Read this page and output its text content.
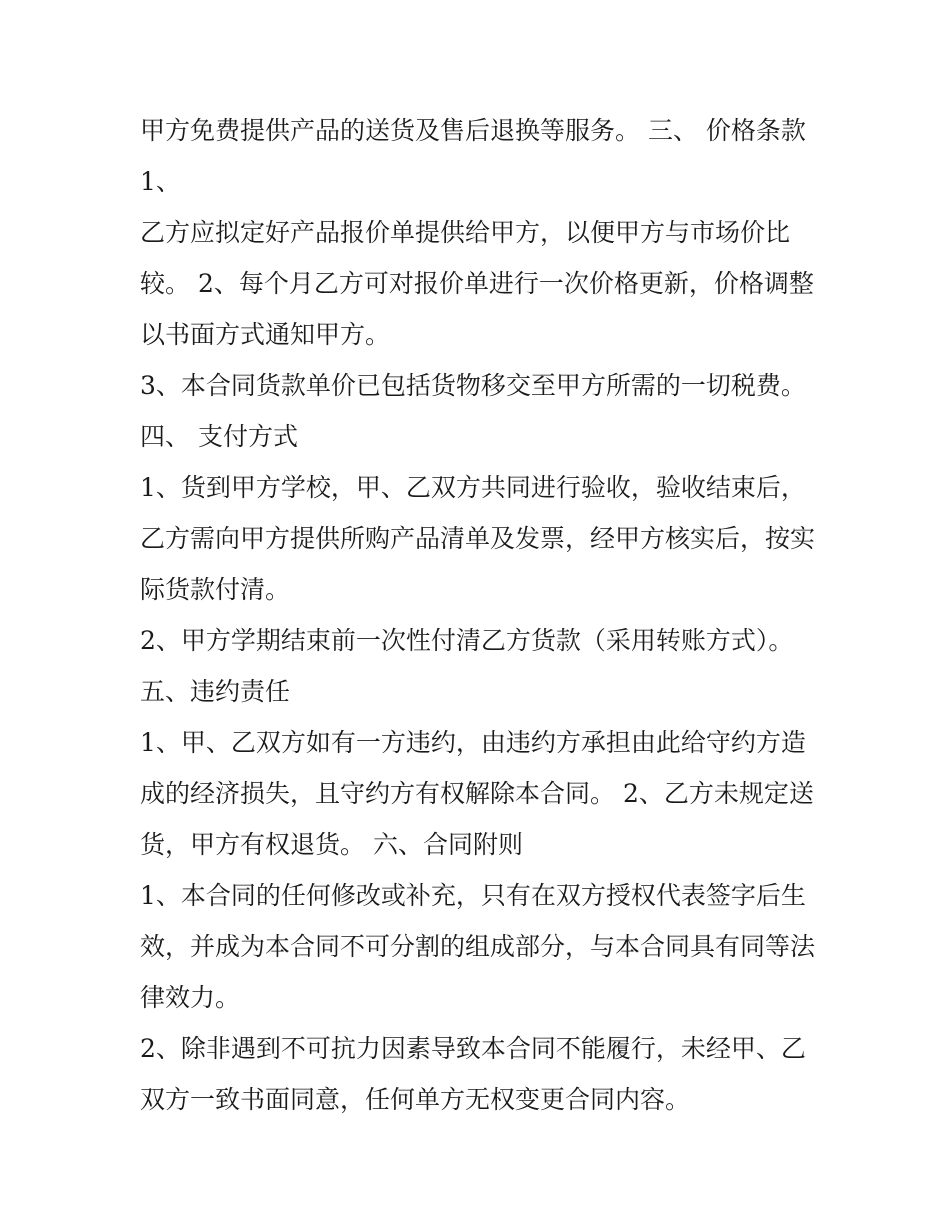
甲方免费提供产品的送货及售后退换等服务。 三、 价格条款
1、
乙方应拟定好产品报价单提供给甲方，以便甲方与市场价比
较。 2、每个月乙方可对报价单进行一次价格更新，价格调整
以书面方式通知甲方。
3、本合同货款单价已包括货物移交至甲方所需的一切税费。
四、 支付方式
1、货到甲方学校，甲、乙双方共同进行验收，验收结束后，
乙方需向甲方提供所购产品清单及发票，经甲方核实后，按实
际货款付清。
2、甲方学期结束前一次性付清乙方货款（采用转账方式）。
五、违约责任
1、甲、乙双方如有一方违约，由违约方承担由此给守约方造
成的经济损失，且守约方有权解除本合同。 2、乙方未规定送
货，甲方有权退货。 六、合同附则
1、本合同的任何修改或补充，只有在双方授权代表签字后生
效，并成为本合同不可分割的组成部分，与本合同具有同等法
律效力。
2、除非遇到不可抗力因素导致本合同不能履行，未经甲、乙
双方一致书面同意，任何单方无权变更合同内容。
